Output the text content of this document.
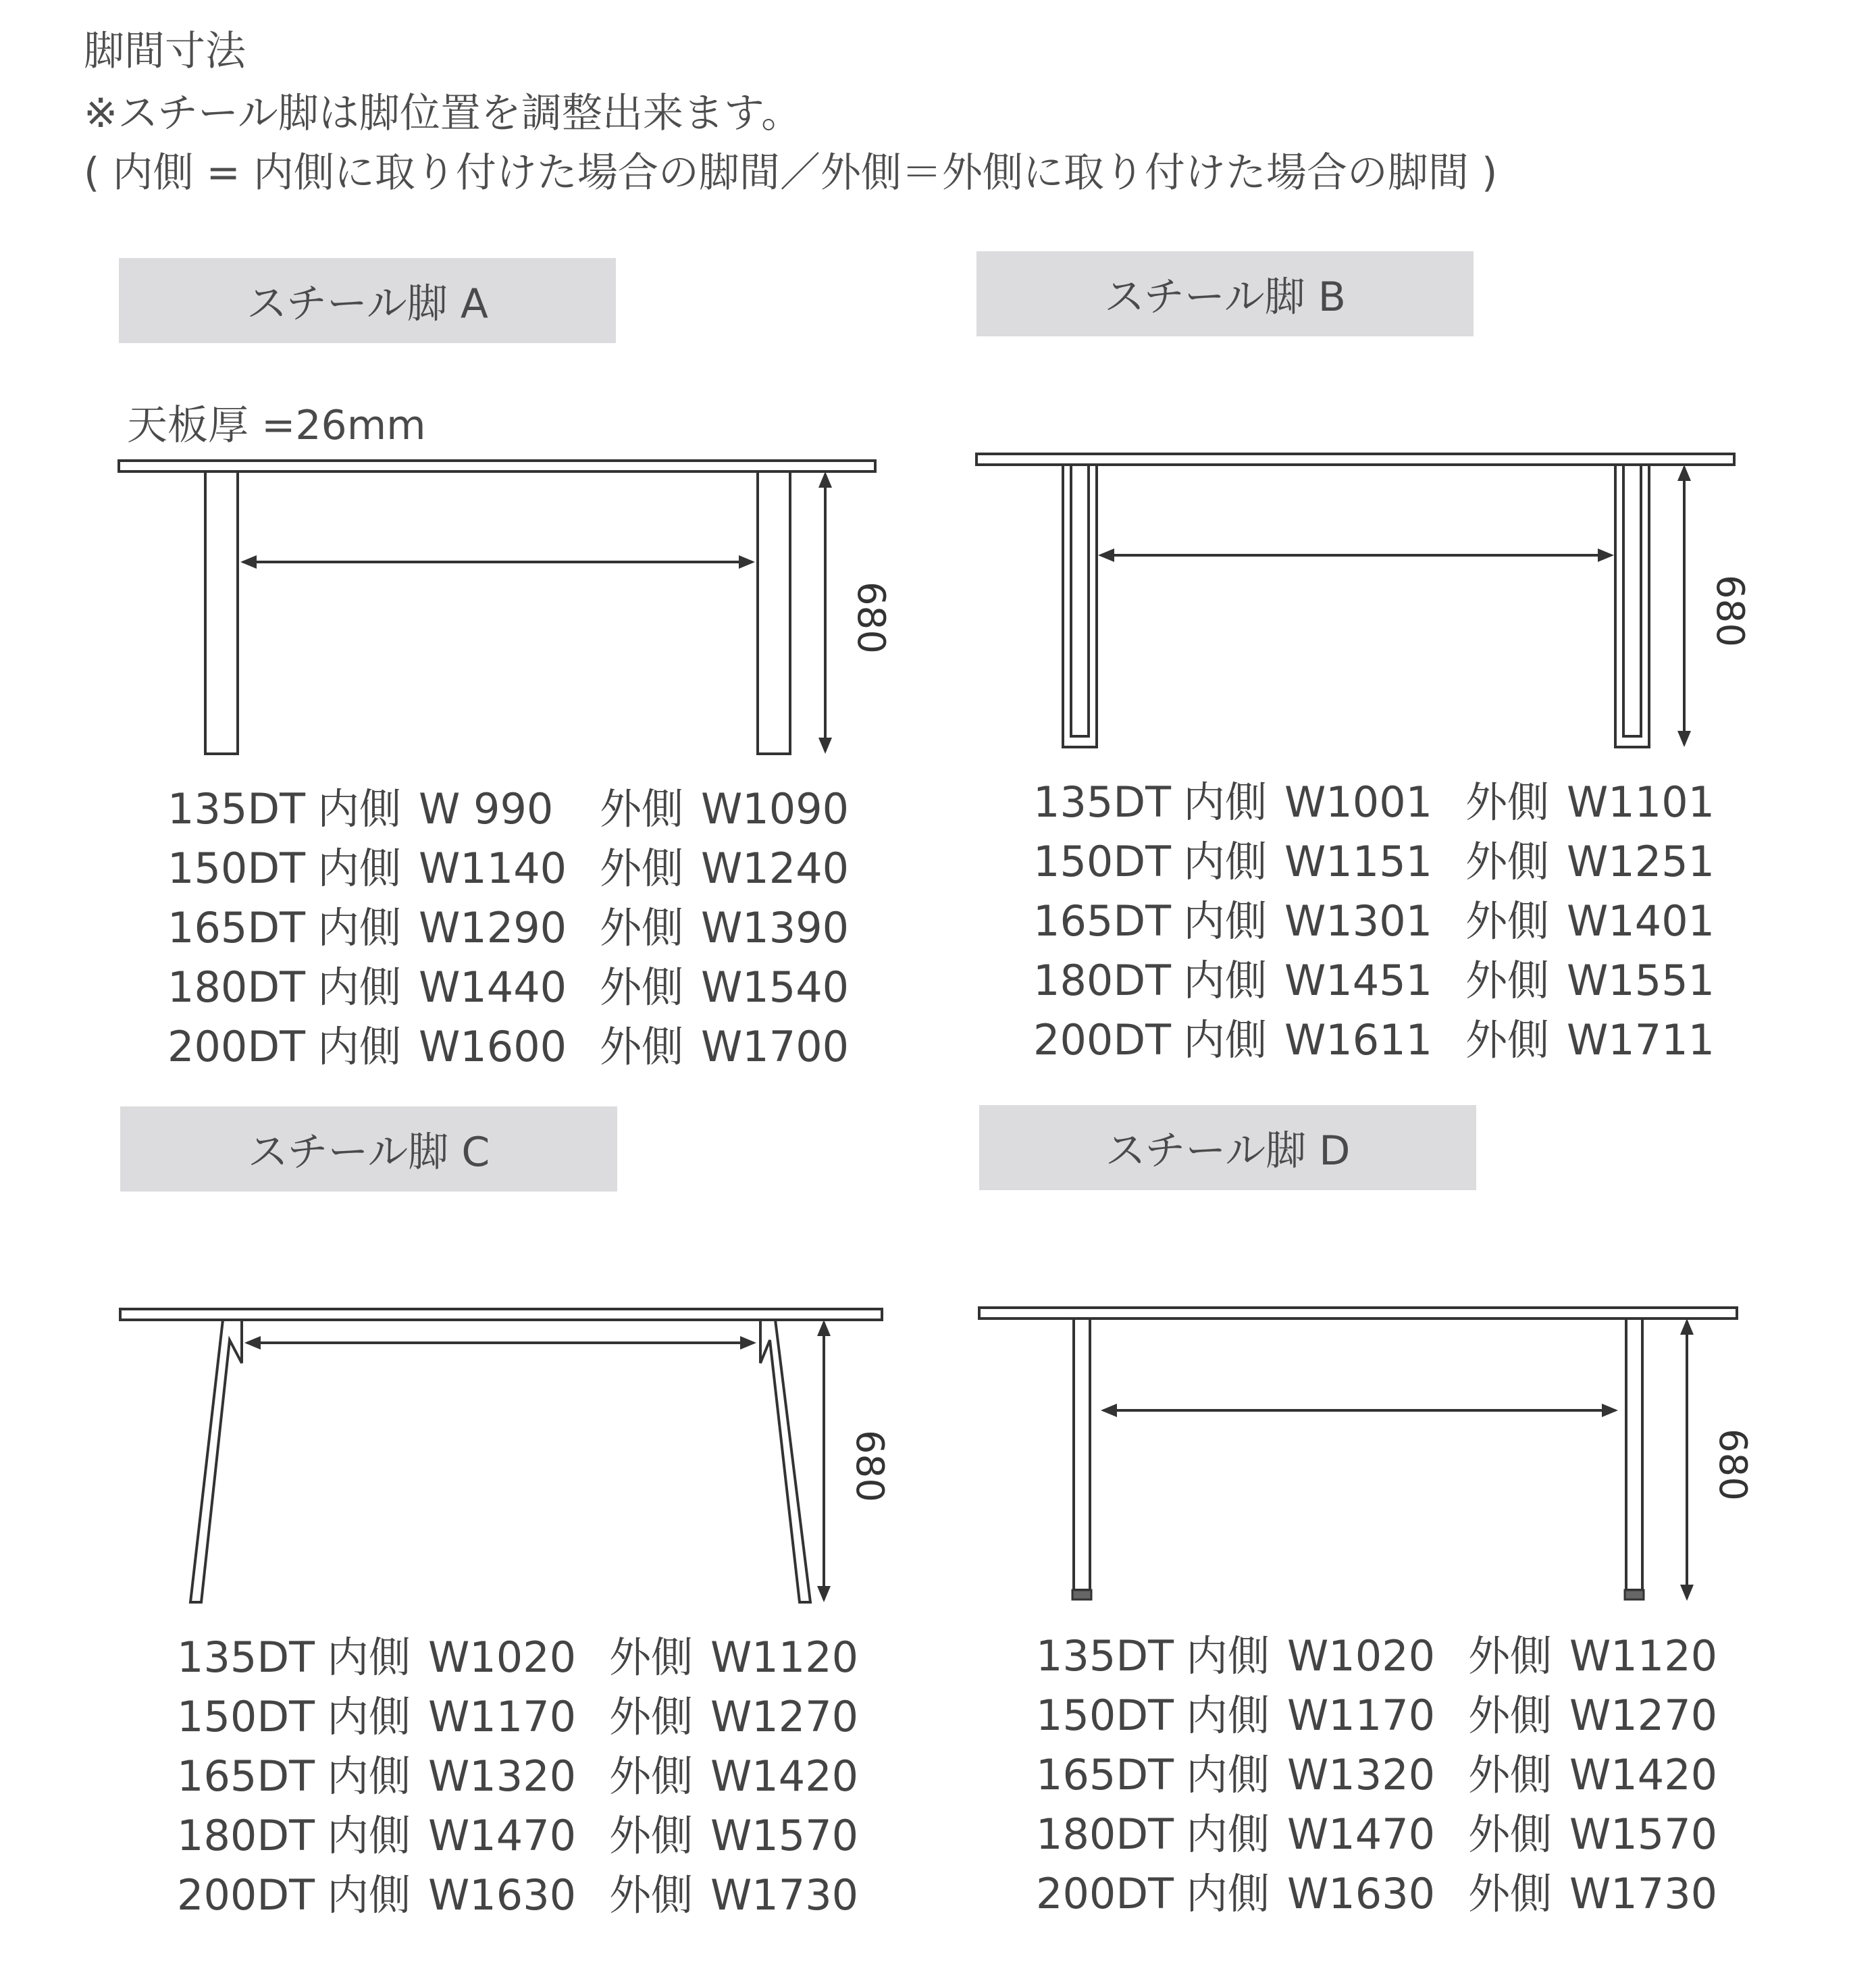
脚間寸法
※スチール脚は脚位置を調整出来ます。
( 内側 = 内側に取り付けた場合の脚間／外側＝外側に取り付けた場合の脚間 )
スチール脚 A
天板厚 =26mm
680
135DT 内側 W 990 外側 W1090
150DT 内側 W1140 外側 W1240
165DT 内側 W1290 外側 W1390
180DT 内側 W1440 外側 W1540
200DT 内側 W1600 外側 W1700
スチール脚 B
680
135DT 内側 W1001 外側 W1101
150DT 内側 W1151 外側 W1251
165DT 内側 W1301 外側 W1401
180DT 内側 W1451 外側 W1551
200DT 内側 W1611 外側 W1711
スチール脚 C
680
135DT 内側 W1020 外側 W1120
150DT 内側 W1170 外側 W1270
165DT 内側 W1320 外側 W1420
180DT 内側 W1470 外側 W1570
200DT 内側 W1630 外側 W1730
スチール脚 D
680
135DT 内側 W1020 外側 W1120
150DT 内側 W1170 外側 W1270
165DT 内側 W1320 外側 W1420
180DT 内側 W1470 外側 W1570
200DT 内側 W1630 外側 W1730
